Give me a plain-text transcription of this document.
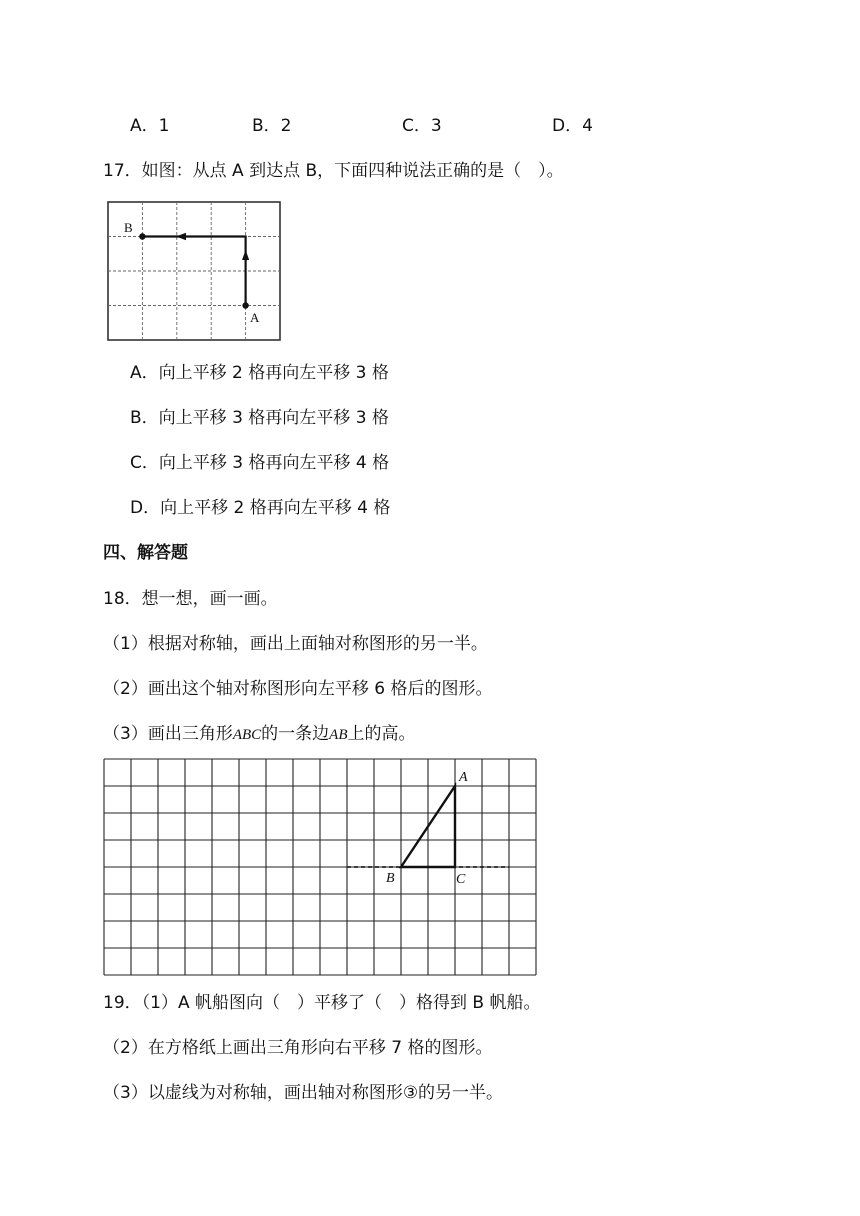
A．1	B．2	C．3	D．4
17．如图：从点 A 到达点 B，下面四种说法正确的是（　）。
B
A
A．向上平移 2 格再向左平移 3 格
B．向上平移 3 格再向左平移 3 格
C．向上平移 3 格再向左平移 4 格
D．向上平移 2 格再向左平移 4 格
四、解答题
18．想一想，画一画。
（1）根据对称轴，画出上面轴对称图形的另一半。
（2）画出这个轴对称图形向左平移 6 格后的图形。
（3）画出三角形ABC的一条边AB上的高。
A
B	C
19．（1）A 帆船图向（　）平移了（　）格得到 B 帆船。
（2）在方格纸上画出三角形向右平移 7 格的图形。
（3）以虚线为对称轴，画出轴对称图形③的另一半。
